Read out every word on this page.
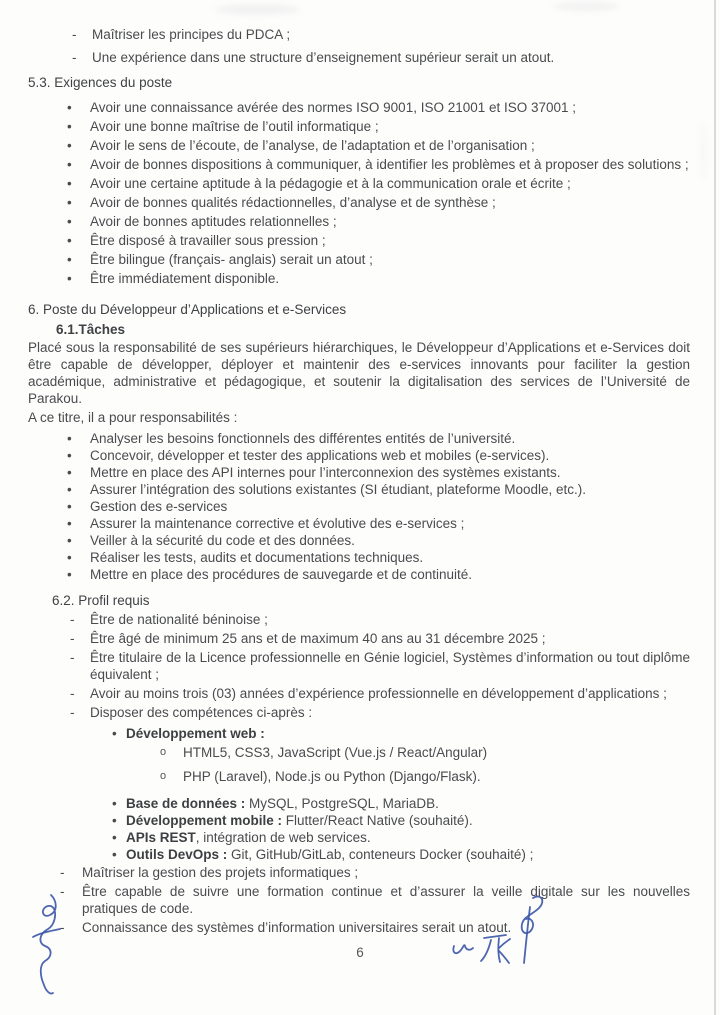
-	Maîtriser les principes du PDCA ;
-	Une expérience dans une structure d’enseignement supérieur serait un atout.
5.3. Exigences du poste
•	Avoir une connaissance avérée des normes ISO 9001, ISO 21001 et ISO 37001 ;
•	Avoir une bonne maîtrise de l’outil informatique ;
•	Avoir le sens de l’écoute, de l’analyse, de l’adaptation et de l’organisation ;
•	Avoir de bonnes dispositions à communiquer, à identifier les problèmes et à proposer des solutions ;
•	Avoir une certaine aptitude à la pédagogie et à la communication orale et écrite ;
•	Avoir de bonnes qualités rédactionnelles, d’analyse et de synthèse ;
•	Avoir de bonnes aptitudes relationnelles ;
•	Être disposé à travailler sous pression ;
•	Être bilingue (français- anglais) serait un atout ;
•	Être immédiatement disponible.
6. Poste du Développeur d’Applications et e-Services
6.1.Tâches

Placé sous la responsabilité de ses supérieurs hiérarchiques, le Développeur d’Applications et e-Services doit être capable de développer, déployer et maintenir des e-services innovants pour faciliter la gestion académique, administrative et pédagogique, et soutenir la digitalisation des services de l’Université de Parakou.

A ce titre, il a pour responsabilités :

•	Analyser les besoins fonctionnels des différentes entités de l’université.
•	Concevoir, développer et tester des applications web et mobiles (e-services).
•	Mettre en place des API internes pour l’interconnexion des systèmes existants.
•	Assurer l’intégration des solutions existantes (SI étudiant, plateforme Moodle, etc.).
•	Gestion des e-services
•	Assurer la maintenance corrective et évolutive des e-services ;
•	Veiller à la sécurité du code et des données.
•	Réaliser les tests, audits et documentations techniques.
•	Mettre en place des procédures de sauvegarde et de continuité.
6.2. Profil requis
-	Être de nationalité béninoise ;
-	Être âgé de minimum 25 ans et de maximum 40 ans au 31 décembre 2025 ;
-	Être titulaire de la Licence professionnelle en Génie logiciel, Systèmes d’information ou tout diplôme équivalent ;
-	Avoir au moins trois (03) années d’expérience professionnelle en développement d’applications ;
-	Disposer des compétences ci-après :
• Développement web :
o	HTML5, CSS3, JavaScript (Vue.js / React/Angular)
o	PHP (Laravel), Node.js ou Python (Django/Flask).
• Base de données : MySQL, PostgreSQL, MariaDB.
• Développement mobile : Flutter/React Native (souhaité).
• APIs REST, intégration de web services.
• Outils DevOps : Git, GitHub/GitLab, conteneurs Docker (souhaité) ;
-	Maîtriser la gestion des projets informatiques ;
-	Être capable de suivre une formation continue et d’assurer la veille digitale sur les nouvelles pratiques de code.
-	Connaissance des systèmes d’information universitaires serait un atout.
6
